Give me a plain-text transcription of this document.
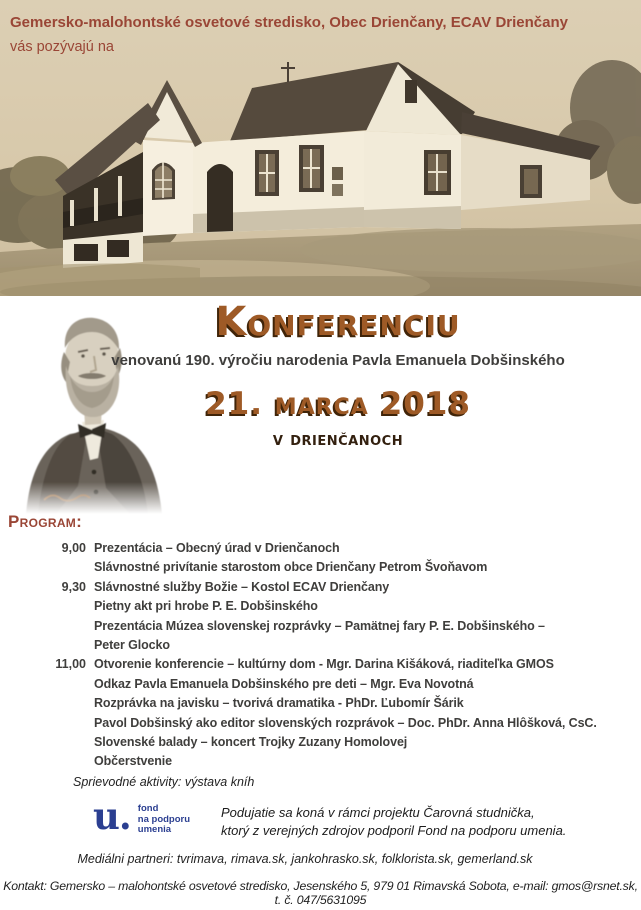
Gemersko-malohontské osvetové stredisko, Obec Drienčany, ECAV Drienčany
vás pozývajú na
Konferenciu
venovanú 190. výročiu narodenia Pavla Emanuela Dobšinského
21. marca 2018
v drienčanoch
Program:
9,00 Prezentácia – Obecný úrad v Drienčanoch
Slávnostné privítanie starostom obce Drienčany Petrom Švoňavom
9,30 Slávnostné služby Božie – Kostol ECAV Drienčany
Pietny akt pri hrobe P. E. Dobšinského
Prezentácia Múzea slovenskej rozprávky – Pamätnej fary P. E. Dobšinského –
Peter Glocko
11,00 Otvorenie konferencie – kultúrny dom - Mgr. Darina Kišáková, riaditeľka GMOS
Odkaz Pavla Emanuela Dobšinského pre deti – Mgr. Eva Novotná
Rozprávka na javisku – tvorivá dramatika - PhDr. Ľubomír Šárik
Pavol Dobšinský ako editor slovenských rozprávok – Doc. PhDr. Anna Hlôšková, CsC.
Slovenské balady – koncert Trojky Zuzany Homolovej
Občerstvenie
Sprievodné aktivity: výstava kníh
u. fond
na podporu
umenia
Podujatie sa koná v rámci projektu Čarovná studnička,
ktorý z verejných zdrojov podporil Fond na podporu umenia.
Mediálni partneri: tvrimava, rimava.sk, jankohrasko.sk, folklorista.sk, gemerland.sk
Kontakt: Gemersko – malohontské osvetové stredisko, Jesenského 5, 979 01 Rimavská Sobota, e-mail: gmos@rsnet.sk, t. č. 047/5631095
